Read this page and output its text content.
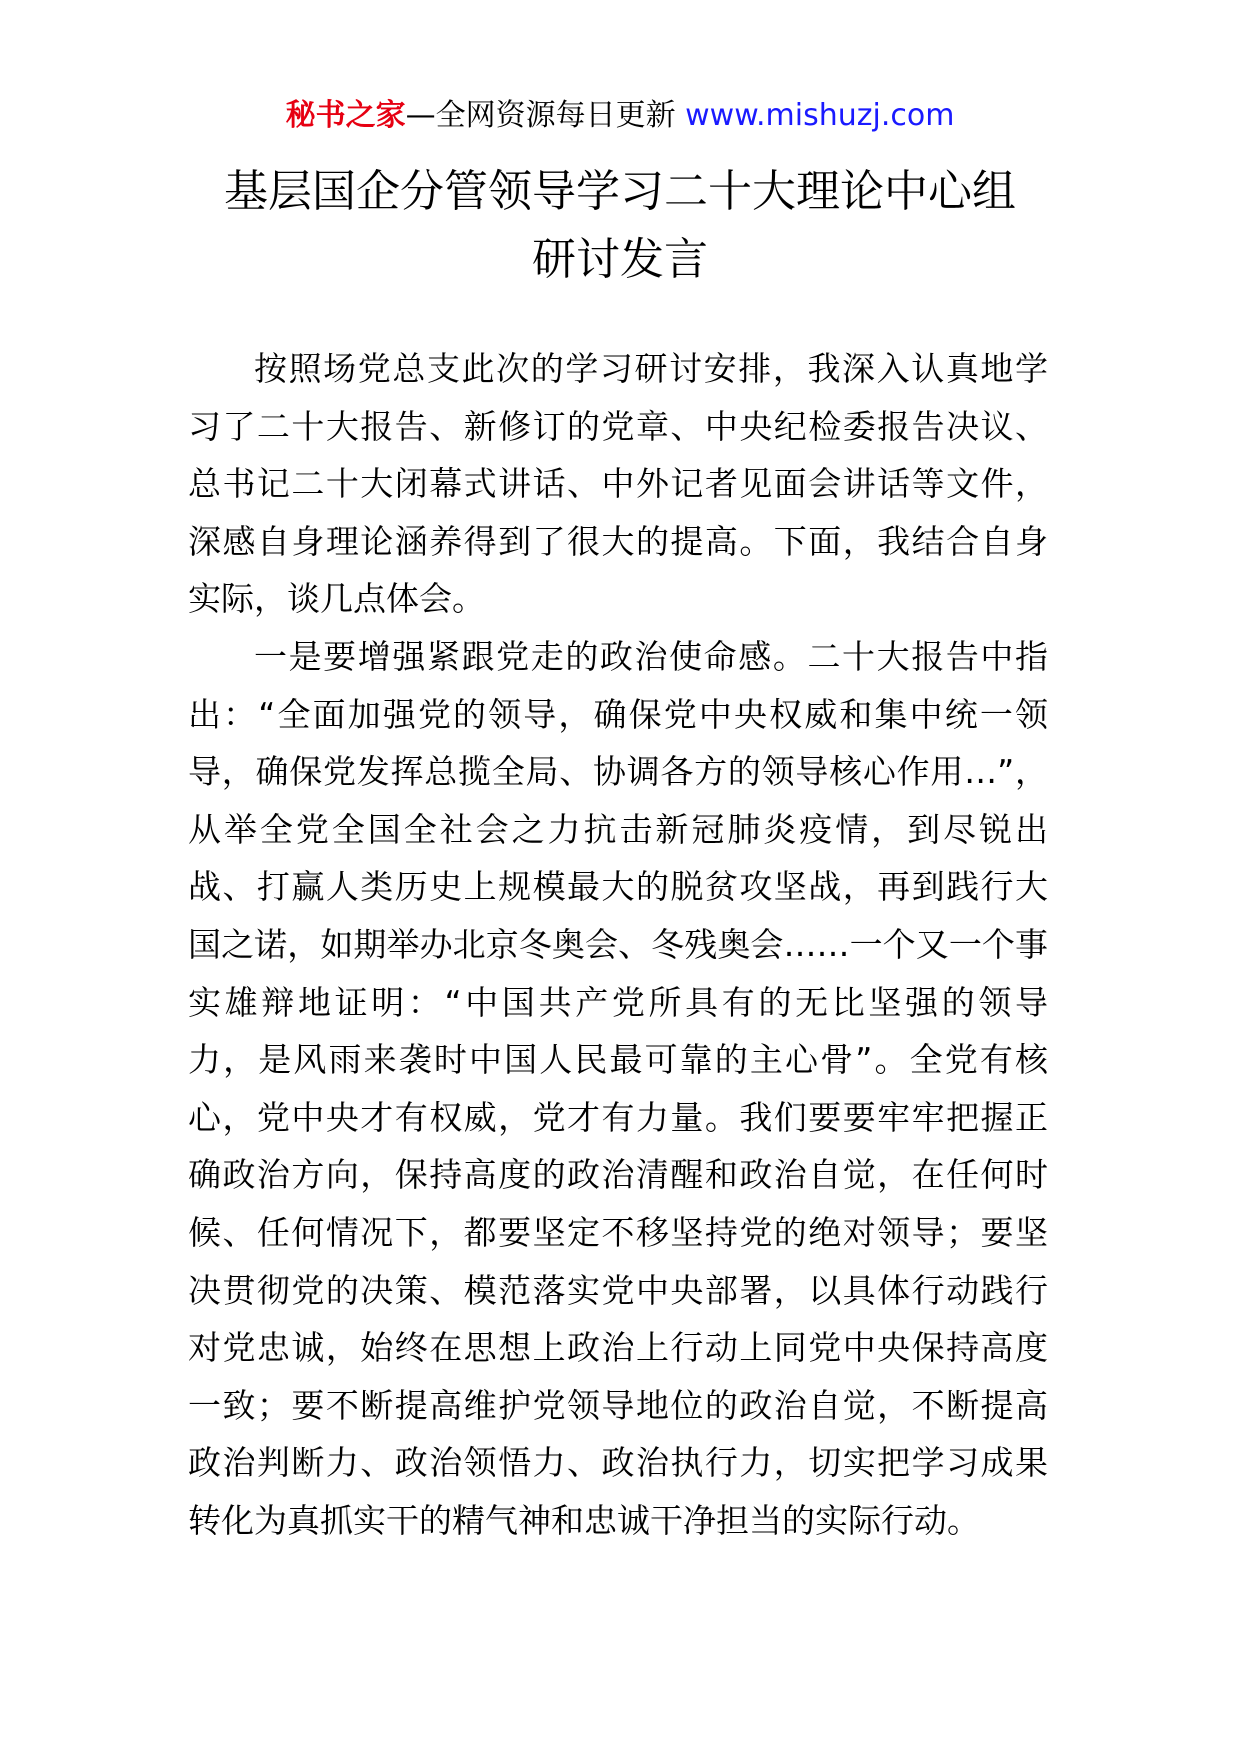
秘书之家—全网资源每日更新 www.mishuzj.com
基层国企分管领导学习二十大理论中心组
研讨发言
按照场党总支此次的学习研讨安排，我深入认真地学
习了二十大报告、新修订的党章、中央纪检委报告决议、
总书记二十大闭幕式讲话、中外记者见面会讲话等文件，
深感自身理论涵养得到了很大的提高。下面，我结合自身
实际，谈几点体会。
一是要增强紧跟党走的政治使命感。二十大报告中指
出：“全面加强党的领导，确保党中央权威和集中统一领
导，确保党发挥总揽全局、协调各方的领导核心作用…”，
从举全党全国全社会之力抗击新冠肺炎疫情，到尽锐出
战、打赢人类历史上规模最大的脱贫攻坚战，再到践行大
国之诺，如期举办北京冬奥会、冬残奥会……一个又一个事
实雄辩地证明：“中国共产党所具有的无比坚强的领导
力，是风雨来袭时中国人民最可靠的主心骨”。全党有核
心，党中央才有权威，党才有力量。我们要要牢牢把握正
确政治方向，保持高度的政治清醒和政治自觉，在任何时
候、任何情况下，都要坚定不移坚持党的绝对领导；要坚
决贯彻党的决策、模范落实党中央部署，以具体行动践行
对党忠诚，始终在思想上政治上行动上同党中央保持高度
一致；要不断提高维护党领导地位的政治自觉，不断提高
政治判断力、政治领悟力、政治执行力，切实把学习成果
转化为真抓实干的精气神和忠诚干净担当的实际行动。
